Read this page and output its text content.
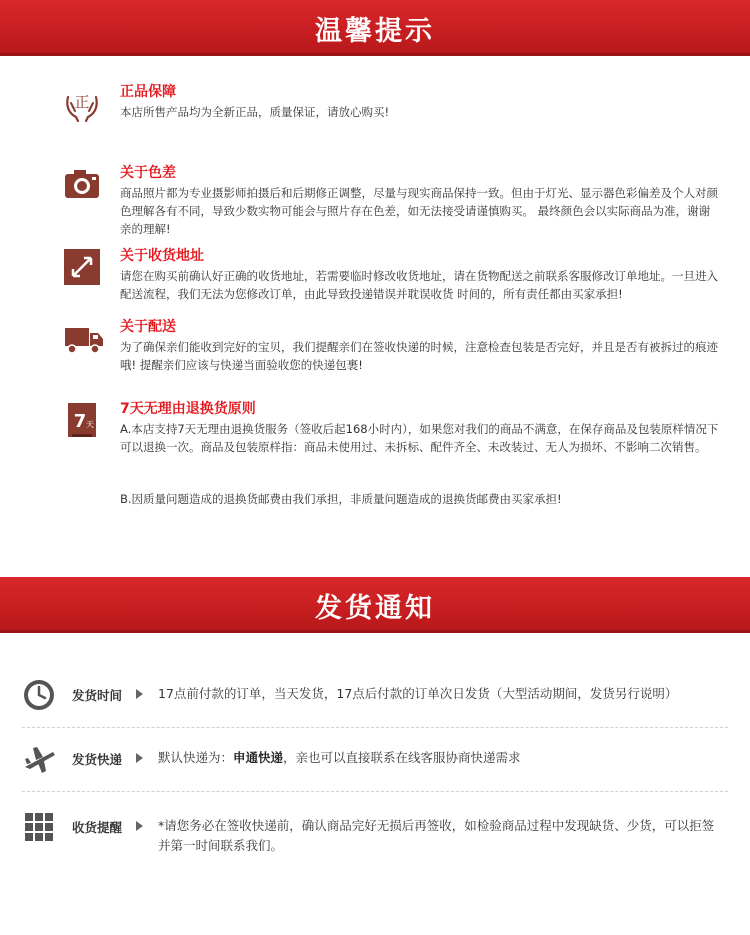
温馨提示
正
正品保障
本店所售产品均为全新正品，质量保证，请放心购买!
关于色差
商品照片都为专业摄影师拍摄后和后期修正调整，尽量与现实商品保持一致。但由于灯光、显示器色彩偏差及个人对颜色理解各有不同，导致少数实物可能会与照片存在色差，如无法接受请谨慎购买。 最终颜色会以实际商品为准，谢谢亲的理解!
关于收货地址
请您在购买前确认好正确的收货地址，若需要临时修改收货地址，请在货物配送之前联系客服修改订单地址。一旦进入配送流程，我们无法为您修改订单，由此导致投递错误并耽误收货 时间的，所有责任都由买家承担!
关于配送
为了确保亲们能收到完好的宝贝，我们提醒亲们在签收快递的时候，注意检查包装是否完好，并且是否有被拆过的痕迹哦! 提醒亲们应该与快递当面验收您的快递包裹!
7 天
7天无理由退换货原则
A.本店支持7天无理由退换货服务（签收后起168小时内），如果您对我们的商品不满意，在保存商品及包装原样情况下可以退换一次。商品及包装原样指：商品未使用过、未拆标、配件齐全、未改装过、无人为损坏、不影响二次销售。
B.因质量问题造成的退换货邮费由我们承担，非质量问题造成的退换货邮费由买家承担!
发货通知
发货时间	17点前付款的订单，当天发货，17点后付款的订单次日发货（大型活动期间，发货另行说明）
发货快递	默认快递为：申通快递，亲也可以直接联系在线客服协商快递需求
收货提醒	*请您务必在签收快递前，确认商品完好无损后再签收，如检验商品过程中发现缺货、少货，可以拒签并第一时间联系我们。
